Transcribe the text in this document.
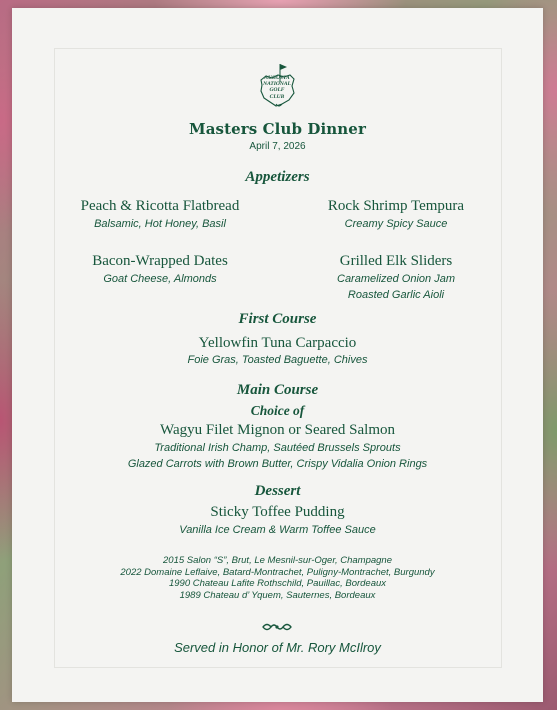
AUGUSTA
NATIONAL
GOLF
CLUB
Masters Club Dinner
April 7, 2026
Appetizers
Peach & Ricotta Flatbread
Balsamic, Hot Honey, Basil
Rock Shrimp Tempura
Creamy Spicy Sauce
Bacon-Wrapped Dates
Goat Cheese, Almonds
Grilled Elk Sliders
Caramelized Onion Jam
Roasted Garlic Aioli
First Course
Yellowfin Tuna Carpaccio
Foie Gras, Toasted Baguette, Chives
Main Course
Choice of
Wagyu Filet Mignon or Seared Salmon
Traditional Irish Champ, Sautéed Brussels Sprouts
Glazed Carrots with Brown Butter, Crispy Vidalia Onion Rings
Dessert
Sticky Toffee Pudding
Vanilla Ice Cream & Warm Toffee Sauce
2015 Salon “S”, Brut, Le Mesnil-sur-Oger, Champagne
2022 Domaine Leflaive, Batard-Montrachet, Puligny-Montrachet, Burgundy
1990 Chateau Lafite Rothschild, Pauillac, Bordeaux
1989 Chateau d’ Yquem, Sauternes, Bordeaux
Served in Honor of Mr. Rory McIlroy
